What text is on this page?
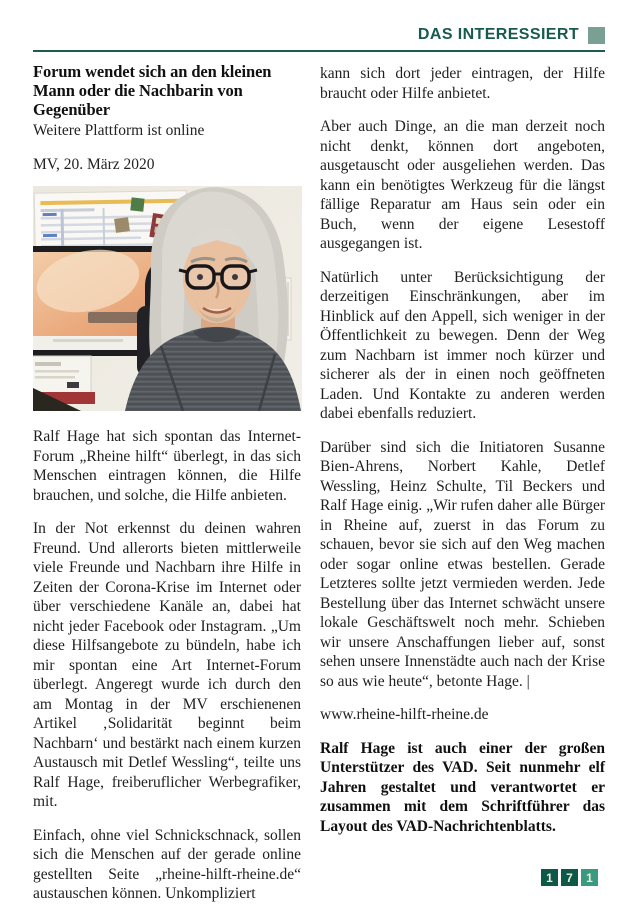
DAS INTERESSIERT
Forum wendet sich an den kleinen Mann oder die Nachbarin von Gegenüber
Weitere Plattform ist online
MV, 20. März 2020

Ralf Hage hat sich spontan das Internet-Forum „Rheine hilft“ überlegt, in das sich Menschen eintragen können, die Hilfe brauchen, und solche, die Hilfe anbieten.

In der Not erkennst du deinen wahren Freund. Und allerorts bieten mittlerweile viele Freunde und Nachbarn ihre Hilfe in Zeiten der Corona-Krise im Internet oder über verschiedene Kanäle an, dabei hat nicht jeder Facebook oder Instagram. „Um diese Hilfsangebote zu bündeln, habe ich mir spontan eine Art Internet-Forum überlegt. Angeregt wurde ich durch den am Montag in der MV erschienenen Artikel ‚Solidarität beginnt beim Nachbarn‘ und bestärkt nach einem kurzen Austausch mit Detlef Wessling“, teilte uns Ralf Hage, freiberuflicher Werbegrafiker, mit.

Einfach, ohne viel Schnickschnack, sollen sich die Menschen auf der gerade online gestellten Seite „rheine-hilft-rheine.de“ austauschen können. Unkompliziert

kann sich dort jeder eintragen, der Hilfe braucht oder Hilfe anbietet.

Aber auch Dinge, an die man derzeit noch nicht denkt, können dort angeboten, ausgetauscht oder ausgeliehen werden. Das kann ein benötigtes Werkzeug für die längst fällige Reparatur am Haus sein oder ein Buch, wenn der eigene Lesestoff ausgegangen ist.

Natürlich unter Berücksichtigung der derzeitigen Einschränkungen, aber im Hinblick auf den Appell, sich weniger in der Öffentlichkeit zu bewegen. Denn der Weg zum Nachbarn ist immer noch kürzer und sicherer als der in einen noch geöffneten Laden. Und Kontakte zu anderen werden dabei ebenfalls reduziert.

Darüber sind sich die Initiatoren Susanne Bien-Ahrens, Norbert Kahle, Detlef Wessling, Heinz Schulte, Til Beckers und Ralf Hage einig. „Wir rufen daher alle Bürger in Rheine auf, zuerst in das Forum zu schauen, bevor sie sich auf den Weg machen oder sogar online etwas bestellen. Gerade Letzteres sollte jetzt vermieden werden. Jede Bestellung über das Internet schwächt unsere lokale Geschäftswelt noch mehr. Schieben wir unsere Anschaffungen lieber auf, sonst sehen unsere Innenstädte auch nach der Krise so aus wie heute“, betonte Hage. |

www.rheine-hilft-rheine.de

Ralf Hage ist auch einer der großen Unterstützer des VAD. Seit nunmehr elf Jahren gestaltet und verantwortet er zusammen mit dem Schriftführer das Layout des VAD-Nachrichtenblatts.

1	7	1
